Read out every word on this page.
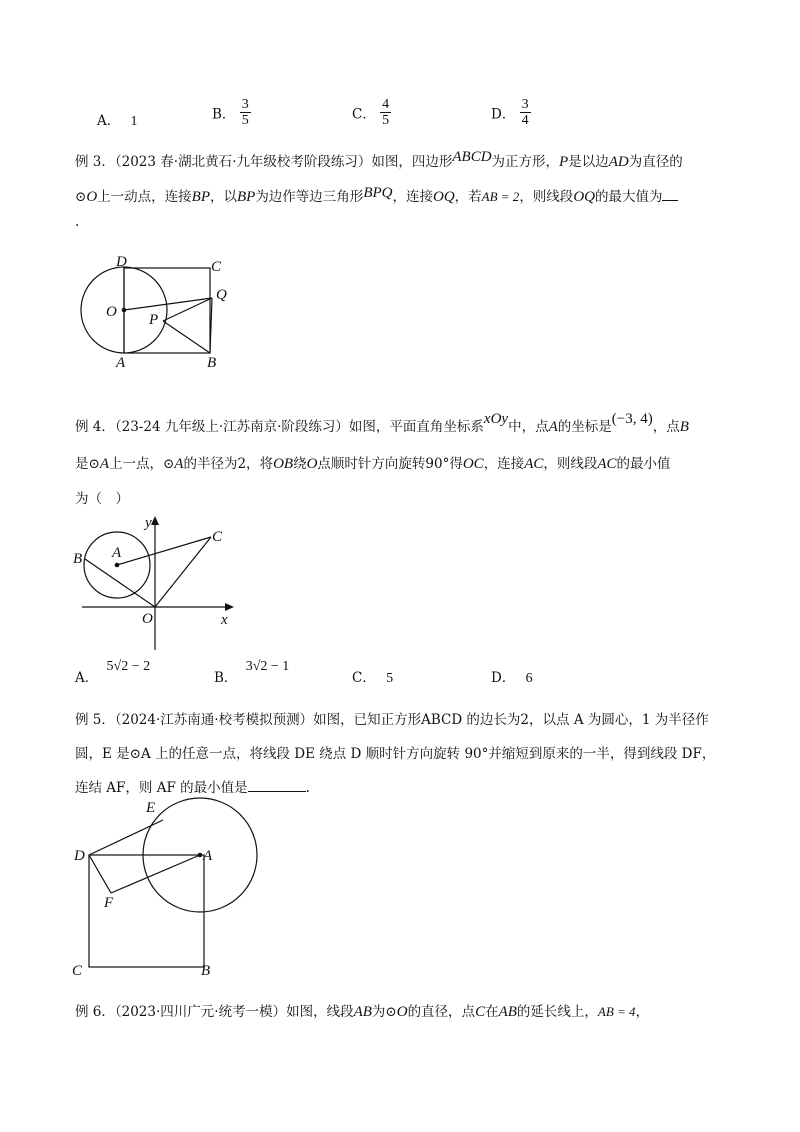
A． 1	B． $\frac{3}{5}$	C． $\frac{4}{5}$	D． $\frac{3}{4}$
例 3．（2023 春·湖北黄石·九年级校考阶段练习）如图，四边形ABCD为正方形，P是以边AD为直径的
⊙O上一动点，连接BP，以BP为边作等边三角形BPQ，连接OQ，若AB = 2，则线段OQ的最大值为
.
D	C
O P
Q
A	B
y
C
B A
O	x
E
D	A
F
C	B
例 4．（23-24 九年级上·江苏南京·阶段练习）如图，平面直角坐标系xOy中，点A的坐标是(−3, 4)，点B
是⊙A上一点，⊙A的半径为2，将OB绕O点顺时针方向旋转90°得OC，连接AC，则线段AC的最小值
为（　）
A． 5√2 − 2
B． 3√2 − 1
C． 5	D． 6
例 5．（2024·江苏南通·校考模拟预测）如图，已知正方形ABCD 的边长为2，以点 A 为圆心，1 为半径作
圆，E 是⊙A 上的任意一点，将线段 DE 绕点 D 顺时针方向旋转 90°并缩短到原来的一半，得到线段 DF，
连结 AF，则 AF 的最小值是	.
例 6．（2023·四川广元·统考一模）如图，线段AB为⊙O的直径，点C在AB的延长线上，AB = 4，
